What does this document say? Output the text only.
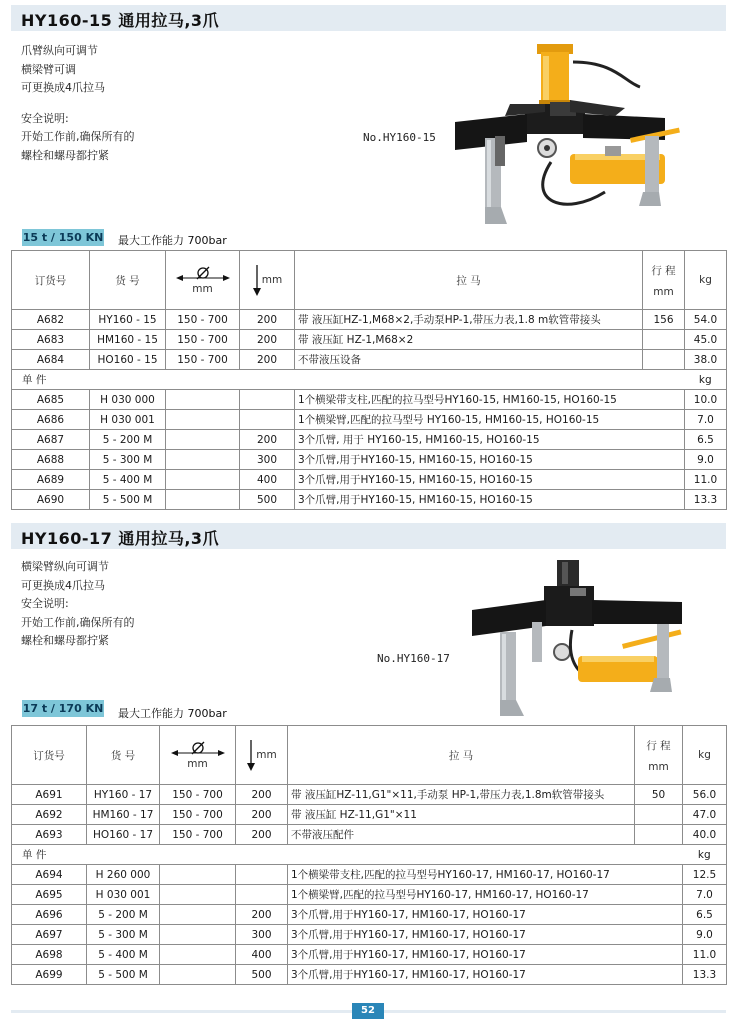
HY160-15 通用拉马,3爪
爪臂纵向可调节
横梁臂可调
可更换成4爪拉马
安全说明:
开始工作前,确保所有的
螺栓和螺母都拧紧
No.HY160-15
15 t / 150 KN 最大工作能力 700bar
订货号	货 号	mm	mm	拉 马	行 程
mm	kg
A682	HY160 - 15	150 - 700	200	带 液压缸HZ-1,M68×2,手动泵HP-1,带压力表,1.8 m软管带接头	156	54.0
A683	HM160 - 15	150 - 700	200	带 液压缸 HZ-1,M68×2		45.0
A684	HO160 - 15	150 - 700	200	不带液压设备		38.0
单 件						kg
A685	H 030 000			1个横梁带支柱,匹配的拉马型号HY160-15, HM160-15, HO160-15		10.0
A686	H 030 001			1个横梁臂,匹配的拉马型号 HY160-15, HM160-15, HO160-15		7.0
A687	5 - 200 M		200	3个爪臂, 用于 HY160-15, HM160-15, HO160-15		6.5
A688	5 - 300 M		300	3个爪臂,用于HY160-15, HM160-15, HO160-15		9.0
A689	5 - 400 M		400	3个爪臂,用于HY160-15, HM160-15, HO160-15		11.0
A690	5 - 500 M		500	3个爪臂,用于HY160-15, HM160-15, HO160-15		13.3
HY160-17 通用拉马,3爪
横梁臂纵向可调节
可更换成4爪拉马
安全说明:
开始工作前,确保所有的
螺栓和螺母都拧紧
No.HY160-17
17 t / 170 KN 最大工作能力 700bar
订货号	货 号	mm	mm	拉 马	行 程
mm	kg
A691	HY160 - 17	150 - 700	200	带 液压缸HZ-11,G1"×11,手动泵 HP-1,带压力表,1.8m软管带接头	50	56.0
A692	HM160 - 17	150 - 700	200	带 液压缸 HZ-11,G1"×11		47.0
A693	HO160 - 17	150 - 700	200	不带液压配件		40.0
单 件						kg
A694	H 260 000			1个横梁带支柱,匹配的拉马型号HY160-17, HM160-17, HO160-17		12.5
A695	H 030 001			1个横梁臂,匹配的拉马型号HY160-17, HM160-17, HO160-17		7.0
A696	5 - 200 M		200	3个爪臂,用于HY160-17, HM160-17, HO160-17		6.5
A697	5 - 300 M		300	3个爪臂,用于HY160-17, HM160-17, HO160-17		9.0
A698	5 - 400 M		400	3个爪臂,用于HY160-17, HM160-17, HO160-17		11.0
A699	5 - 500 M		500	3个爪臂,用于HY160-17, HM160-17, HO160-17		13.3
52
